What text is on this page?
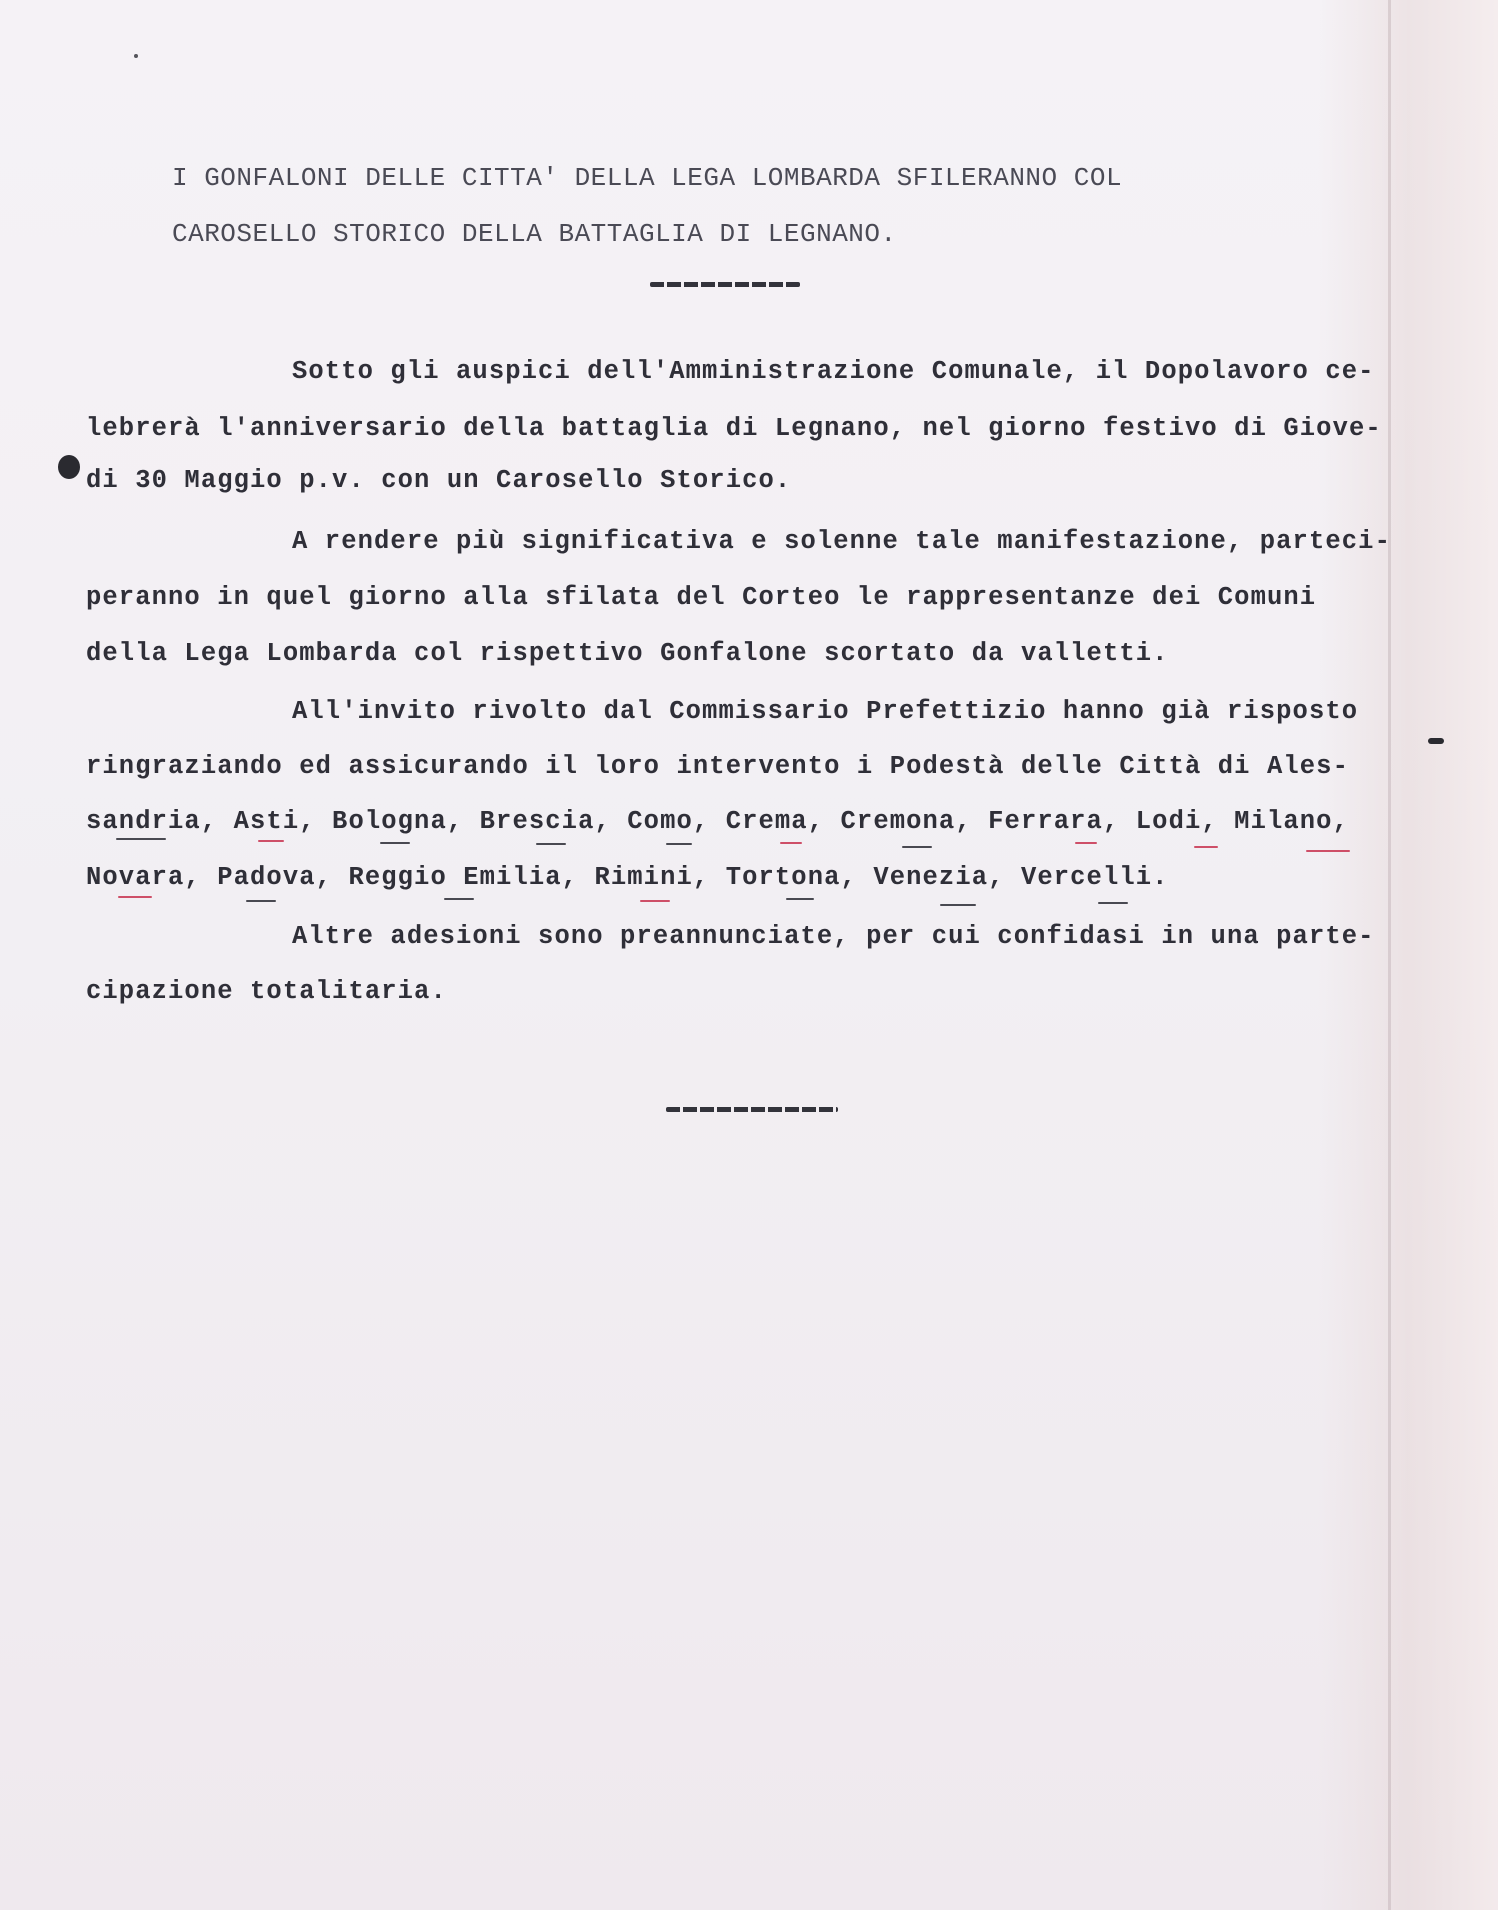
I GONFALONI DELLE CITTA' DELLA LEGA LOMBARDA SFILERANNO COL
CAROSELLO STORICO DELLA BATTAGLIA DI LEGNANO.
Sotto gli auspici dell'Amministrazione Comunale, il Dopolavoro ce-
lebrerà l'anniversario della battaglia di Legnano, nel giorno festivo di Giove-
di 30 Maggio p.v. con un Carosello Storico.
A rendere più significativa e solenne tale manifestazione, parteci-
peranno in quel giorno alla sfilata del Corteo le rappresentanze dei Comuni
della Lega Lombarda col rispettivo Gonfalone scortato da valletti.
All'invito rivolto dal Commissario Prefettizio hanno già risposto
ringraziando ed assicurando il loro intervento i Podestà delle Città di Ales-
sandria, Asti, Bologna, Brescia, Como, Crema, Cremona, Ferrara, Lodi, Milano,
Novara, Padova, Reggio Emilia, Rimini, Tortona, Venezia, Vercelli.
Altre adesioni sono preannunciate, per cui confidasi in una parte-
cipazione totalitaria.
